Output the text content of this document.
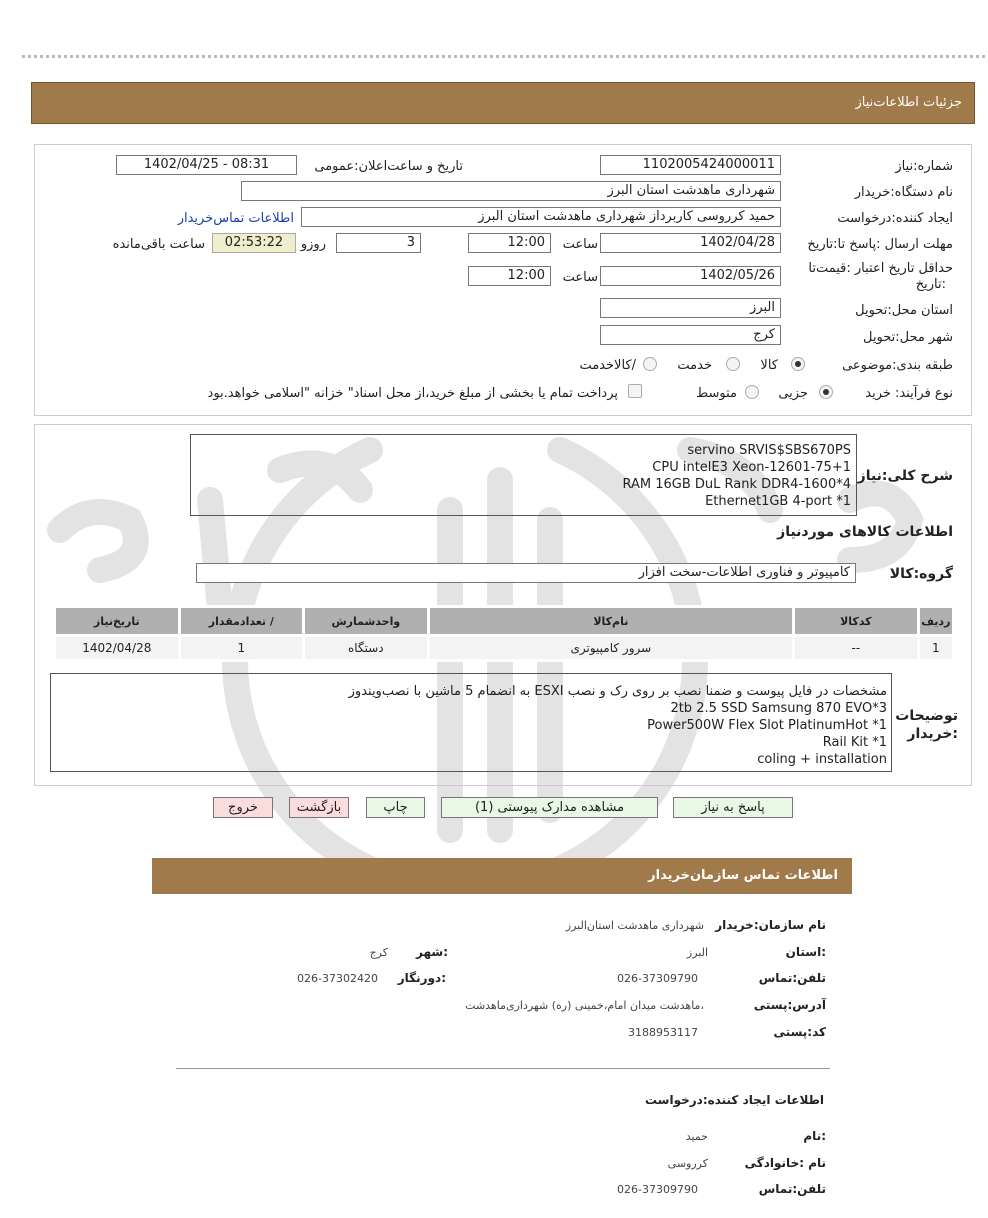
جزئیات اطلاعات‌نیاز
شماره:نیاز
1102005424000011
تاریخ و ساعت‌اعلان:عمومی
1402/04/25 - 08:31
نام دستگاه:خریدار
شهرداری ماهدشت استان البرز
ایجاد کننده:درخواست
حمید کرروسی کاربرداز شهرداری ماهدشت استان البرز
اطلاعات تماس‌خریدار
مهلت ارسال :پاسخ تا:تاریخ
1402/04/28
ساعت
12:00
3
روزو
02:53:22
ساعت باقی‌مانده
حداقل تاریخ اعتبار :قیمت‌تا
:تاریخ
1402/05/26
ساعت
12:00
استان محل:تحویل
البرز
شهر محل:تحویل
کرج
طبقه بندی:موضوعی
کالا
خدمت
/کالاخدمت
نوع فرآیند: خرید
جزیی
متوسط
پرداخت تمام یا بخشی از مبلغ خرید،از محل اسناد" خزانه "اسلامی خواهد.بود
شرح کلی:نیاز
servino SRVIS$SBS670PS
CPU intelE3 Xeon-12601-75+1
RAM 16GB DuL Rank DDR4-1600*4
Ethernet1GB 4-port *1
اطلاعات کالاهای موردنیاز
گروه:کالا
کامپیوتر و فناوری اطلاعات-سخت افزار
ردیف	کدکالا	نام‌کالا	واحدشمارش	/ تعدادمقدار	تاریخ‌نیاز
1	--	سرور کامپیوتری	دستگاه	1	1402/04/28
توضیحات
:خریدار
مشخصات در فایل پیوست و ضمنا نصب بر روی رک و نصب ESXI به انضمام 5 ماشین با نصب‌ویندوز
2tb 2.5 SSD Samsung 870 EVO*3
Power500W Flex Slot PlatinumHot *1
Rail Kit *1
coling + installation
پاسخ به نیاز
مشاهده مدارک پیوستی (1)
چاپ
بازگشت
خروج
اطلاعات تماس سازمان‌خریدار
نام سازمان:خریدار
شهرداری ماهدشت استان‌البرز
:استان
البرز
:شهر
کرج
تلفن:تماس
026-37309790
:دورنگار
026-37302420
آدرس:پستی
،ماهدشت میدان امام،خمینی (ره) شهرداری‌ماهدشت
کد:پستی
3188953117
اطلاعات ایجاد کننده:درخواست
:نام
حمید
نام :خانوادگی
کرروسی
تلفن:تماس
026-37309790
